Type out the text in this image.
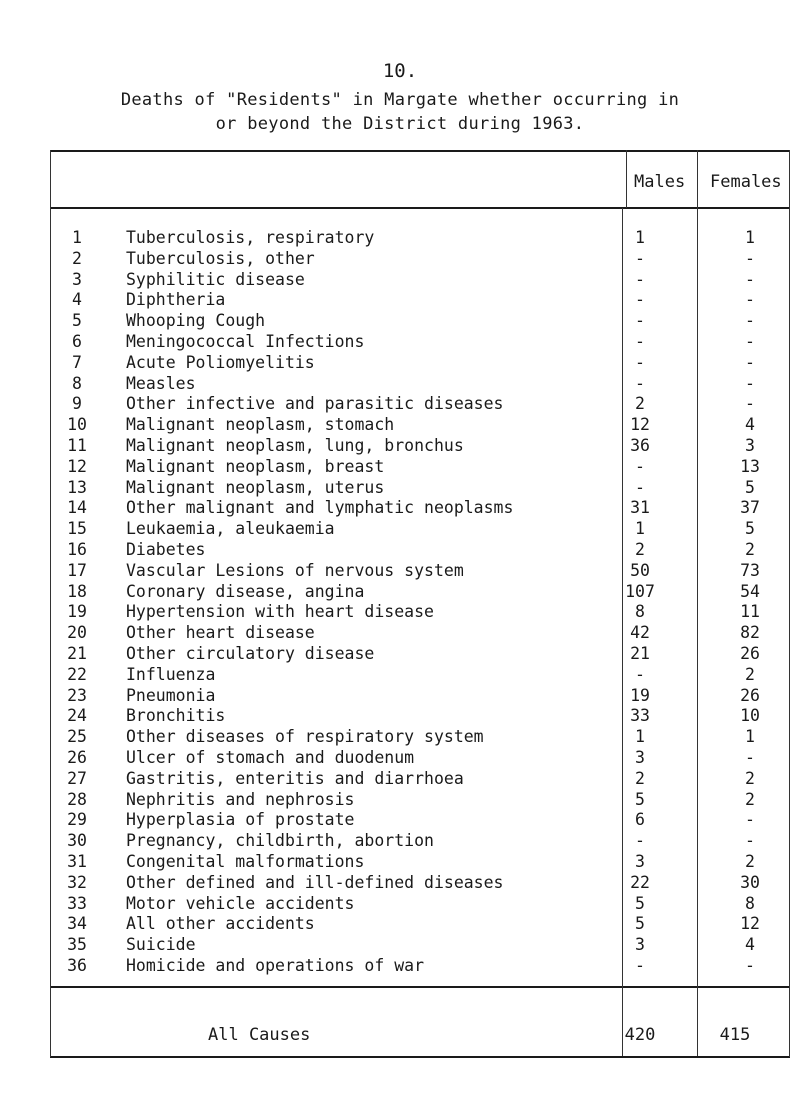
10.
Deaths of "Residents" in Margate whether occurring in
or beyond the District during 1963.
Males Females
1	Tuberculosis, respiratory	1	1
2	Tuberculosis, other	-	-
3	Syphilitic disease	-	-
4	Diphtheria	-	-
5	Whooping Cough	-	-
6	Meningococcal Infections	-	-
7	Acute Poliomyelitis	-	-
8	Measles	-	-
9	Other infective and parasitic diseases	2	-
10	Malignant neoplasm, stomach	12	4
11	Malignant neoplasm, lung, bronchus	36	3
12	Malignant neoplasm, breast	-	13
13	Malignant neoplasm, uterus	-	5
14	Other malignant and lymphatic neoplasms	31	37
15	Leukaemia, aleukaemia	1	5
16	Diabetes	2	2
17	Vascular Lesions of nervous system	50	73
18	Coronary disease, angina	107	54
19	Hypertension with heart disease	8	11
20	Other heart disease	42	82
21	Other circulatory disease	21	26
22	Influenza	-	2
23	Pneumonia	19	26
24	Bronchitis	33	10
25	Other diseases of respiratory system	1	1
26	Ulcer of stomach and duodenum	3	-
27	Gastritis, enteritis and diarrhoea	2	2
28	Nephritis and nephrosis	5	2
29	Hyperplasia of prostate	6	-
30	Pregnancy, childbirth, abortion	-	-
31	Congenital malformations	3	2
32	Other defined and ill-defined diseases	22	30
33	Motor vehicle accidents	5	8
34	All other accidents	5	12
35	Suicide	3	4
36	Homicide and operations of war	-	-
All Causes	420	415
